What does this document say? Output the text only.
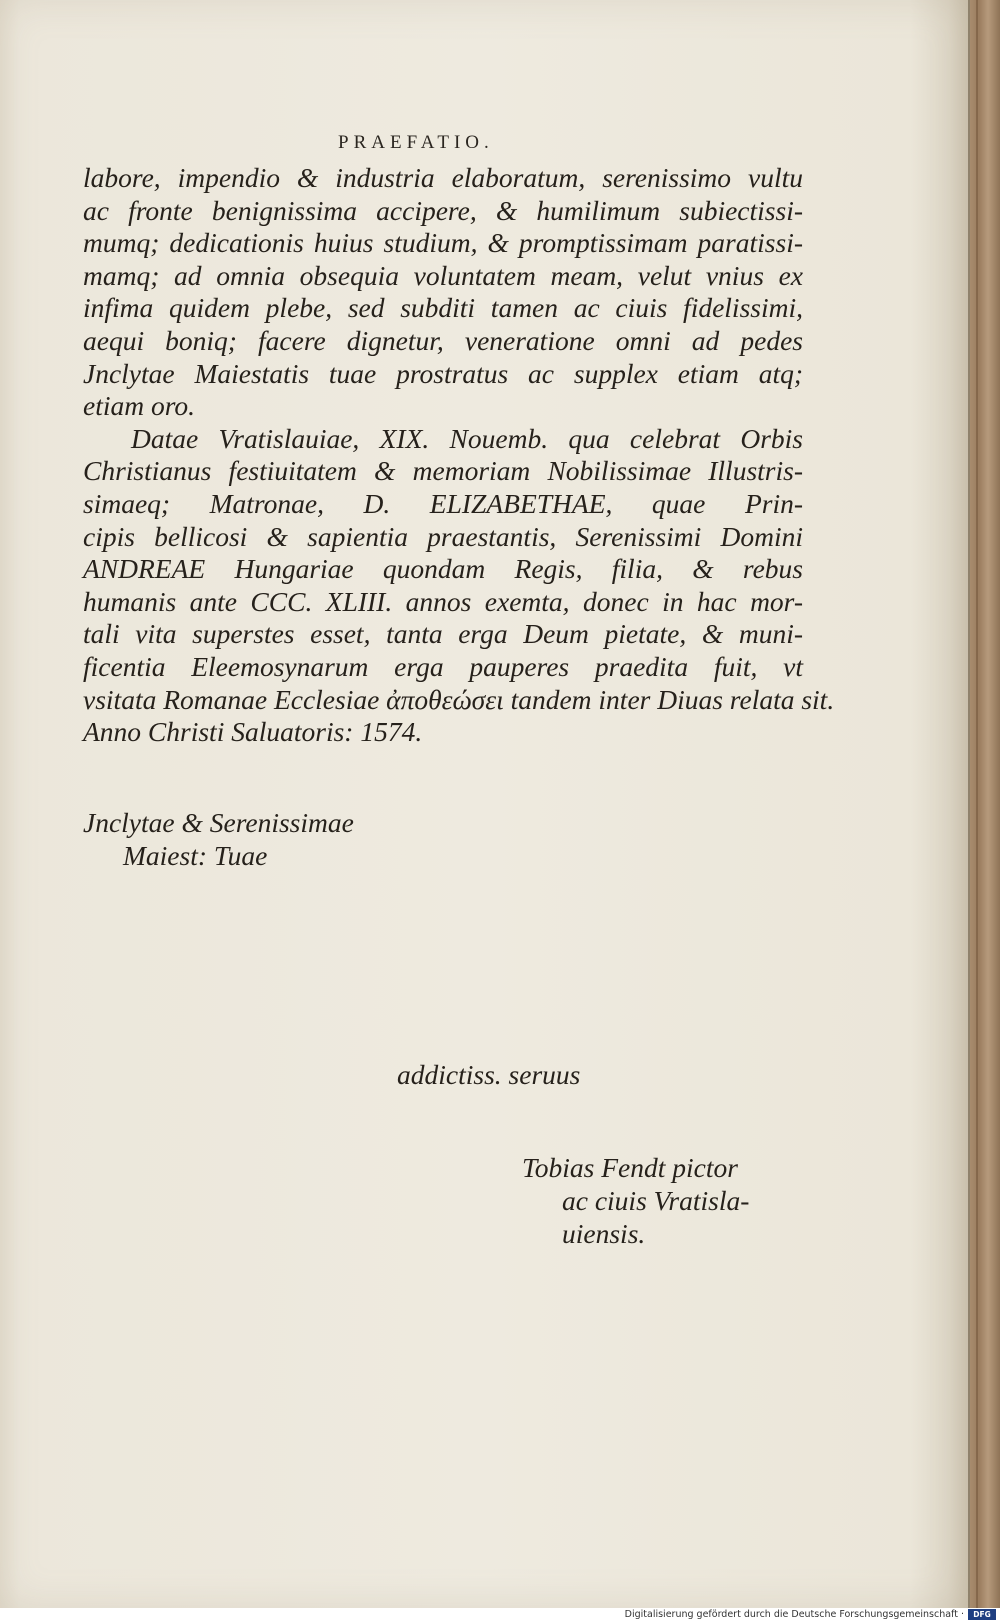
PRAEFATIO.
labore, impendio & industria elaboratum, serenissimo vultu
ac fronte benignissima accipere, & humilimum subiectissi-
mumq; dedicationis huius studium, & promptissimam paratissi-
mamq; ad omnia obsequia voluntatem meam, velut vnius ex
infima quidem plebe, sed subditi tamen ac ciuis fidelissimi,
aequi boniq; facere dignetur, veneratione omni ad pedes
Jnclytae Maiestatis tuae prostratus ac supplex etiam atq;
etiam oro.
Datae Vratislauiae, XIX. Nouemb. qua celebrat Orbis
Christianus festiuitatem & memoriam Nobilissimae Illustris-
simaeq; Matronae, D. ELIZABETHAE, quae Prin-
cipis bellicosi & sapientia praestantis, Serenissimi Domini
ANDREAE Hungariae quondam Regis, filia, & rebus
humanis ante CCC. XLIII. annos exemta, donec in hac mor-
tali vita superstes esset, tanta erga Deum pietate, & muni-
ficentia Eleemosynarum erga pauperes praedita fuit, vt
vsitata Romanae Ecclesiae ἀποθεώσει tandem inter Diuas relata sit.
Anno Christi Saluatoris: 1574.
Jnclytae & Serenissimae
Maiest: Tuae
addictiss. seruus
Tobias Fendt pictor
ac ciuis Vratisla-
uiensis.
Digitalisierung gefördert durch die Deutsche Forschungsgemeinschaft ·	DFG
